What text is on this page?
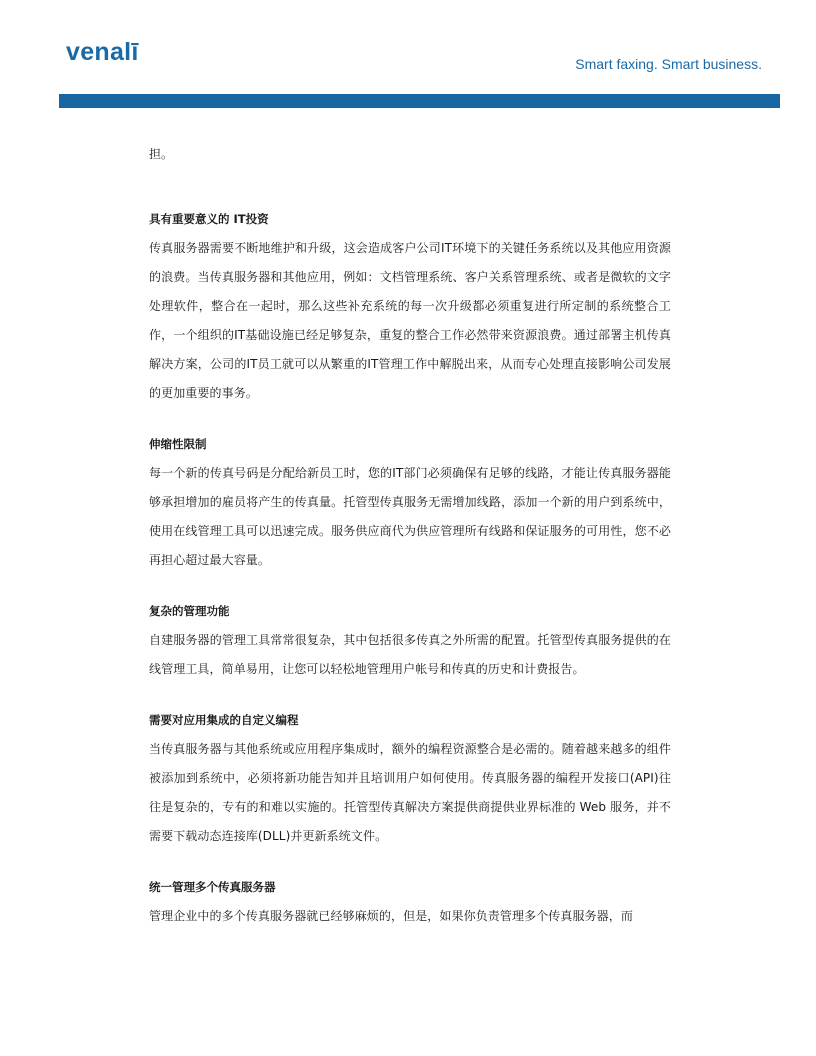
venalī	Smart faxing. Smart business.

担。

具有重要意义的 IT投资

传真服务器需要不断地维护和升级，这会造成客户公司IT环境下的关键任务系统以及其他应用资源的浪费。当传真服务器和其他应用，例如：文档管理系统、客户关系管理系统、或者是微软的文字处理软件，整合在一起时，那么这些补充系统的每一次升级都必须重复进行所定制的系统整合工作，一个组织的IT基础设施已经足够复杂，重复的整合工作必然带来资源浪费。通过部署主机传真解决方案，公司的IT员工就可以从繁重的IT管理工作中解脱出来，从而专心处理直接影响公司发展的更加重要的事务。

伸缩性限制

每一个新的传真号码是分配给新员工时，您的IT部门必须确保有足够的线路，才能让传真服务器能够承担增加的雇员将产生的传真量。托管型传真服务无需增加线路，添加一个新的用户到系统中，使用在线管理工具可以迅速完成。服务供应商代为供应管理所有线路和保证服务的可用性，您不必再担心超过最大容量。

复杂的管理功能

自建服务器的管理工具常常很复杂，其中包括很多传真之外所需的配置。托管型传真服务提供的在线管理工具，简单易用，让您可以轻松地管理用户帐号和传真的历史和计费报告。

需要对应用集成的自定义编程

当传真服务器与其他系统或应用程序集成时，额外的编程资源整合是必需的。随着越来越多的组件被添加到系统中，必须将新功能告知并且培训用户如何使用。传真服务器的编程开发接口(API)往往是复杂的，专有的和难以实施的。托管型传真解决方案提供商提供业界标准的 Web 服务，并不需要下载动态连接库(DLL)并更新系统文件。

统一管理多个传真服务器

管理企业中的多个传真服务器就已经够麻烦的，但是，如果你负责管理多个传真服务器，而
